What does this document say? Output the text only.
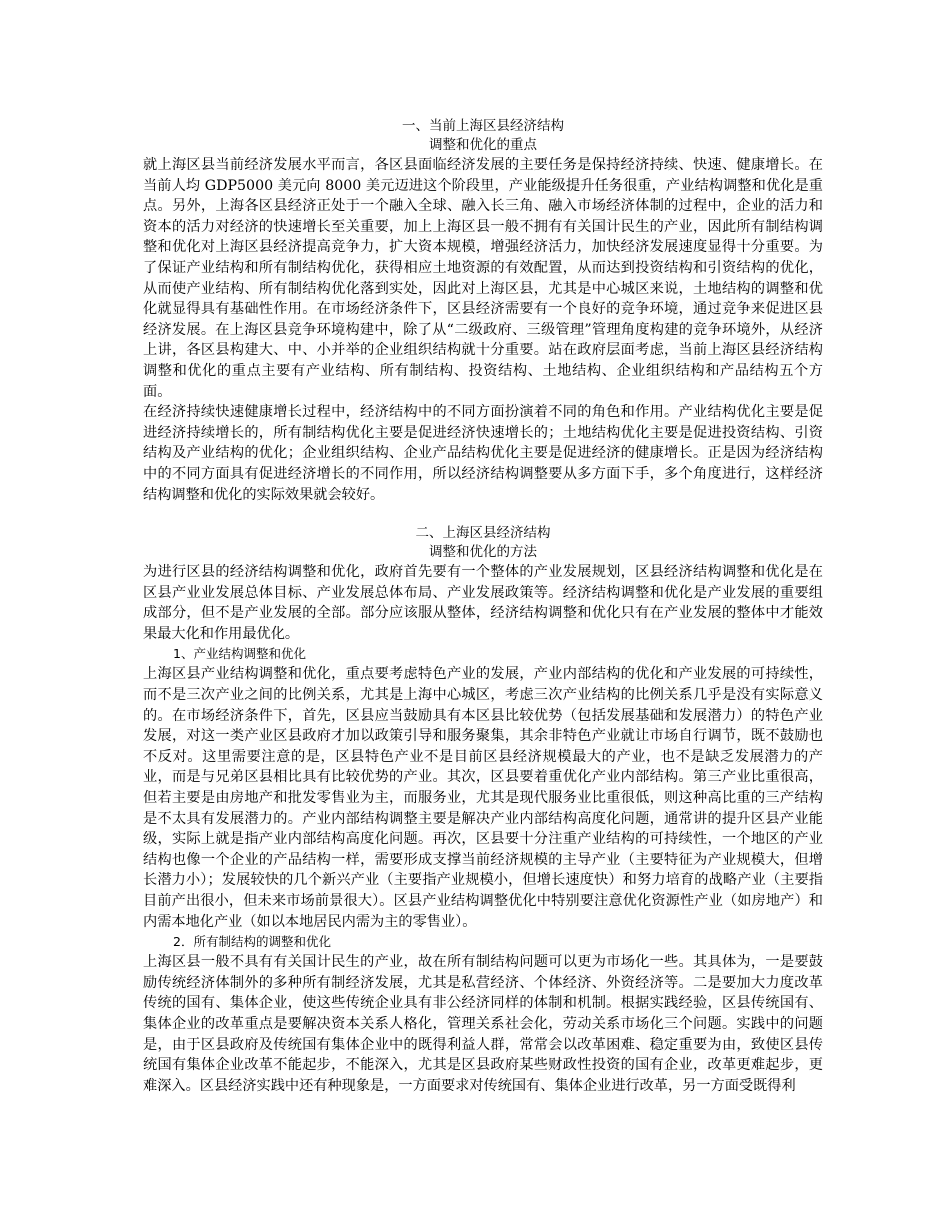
一、当前上海区县经济结构
调整和优化的重点

就上海区县当前经济发展水平而言，各区县面临经济发展的主要任务是保持经济持续、快速、健康增长。在当前人均 GDP5000 美元向 8000 美元迈进这个阶段里，产业能级提升任务很重，产业结构调整和优化是重点。另外，上海各区县经济正处于一个融入全球、融入长三角、融入市场经济体制的过程中，企业的活力和资本的活力对经济的快速增长至关重要，加上上海区县一般不拥有有关国计民生的产业，因此所有制结构调整和优化对上海区县经济提高竞争力，扩大资本规模，增强经济活力，加快经济发展速度显得十分重要。为了保证产业结构和所有制结构优化，获得相应土地资源的有效配置，从而达到投资结构和引资结构的优化，从而使产业结构、所有制结构优化落到实处，因此对上海区县，尤其是中心城区来说，土地结构的调整和优化就显得具有基础性作用。在市场经济条件下，区县经济需要有一个良好的竞争环境，通过竞争来促进区县经济发展。在上海区县竞争环境构建中，除了从“二级政府、三级管理”管理角度构建的竞争环境外，从经济上讲，各区县构建大、中、小并举的企业组织结构就十分重要。站在政府层面考虑，当前上海区县经济结构调整和优化的重点主要有产业结构、所有制结构、投资结构、土地结构、企业组织结构和产品结构五个方面。

在经济持续快速健康增长过程中，经济结构中的不同方面扮演着不同的角色和作用。产业结构优化主要是促进经济持续增长的，所有制结构优化主要是促进经济快速增长的；土地结构优化主要是促进投资结构、引资结构及产业结构的优化；企业组织结构、企业产品结构优化主要是促进经济的健康增长。正是因为经济结构中的不同方面具有促进经济增长的不同作用，所以经济结构调整要从多方面下手，多个角度进行，这样经济结构调整和优化的实际效果就会较好。

二、上海区县经济结构
调整和优化的方法

为进行区县的经济结构调整和优化，政府首先要有一个整体的产业发展规划，区县经济结构调整和优化是在区县产业业发展总体目标、产业发展总体布局、产业发展政策等。经济结构调整和优化是产业发展的重要组成部分，但不是产业发展的全部。部分应该服从整体，经济结构调整和优化只有在产业发展的整体中才能效果最大化和作用最优化。

1、产业结构调整和优化

上海区县产业结构调整和优化，重点要考虑特色产业的发展，产业内部结构的优化和产业发展的可持续性，而不是三次产业之间的比例关系，尤其是上海中心城区，考虑三次产业结构的比例关系几乎是没有实际意义的。在市场经济条件下，首先，区县应当鼓励具有本区县比较优势（包括发展基础和发展潜力）的特色产业发展，对这一类产业区县政府才加以政策引导和服务聚集，其余非特色产业就让市场自行调节，既不鼓励也不反对。这里需要注意的是，区县特色产业不是目前区县经济规模最大的产业，也不是缺乏发展潜力的产业，而是与兄弟区县相比具有比较优势的产业。其次，区县要着重优化产业内部结构。第三产业比重很高，但若主要是由房地产和批发零售业为主，而服务业，尤其是现代服务业比重很低，则这种高比重的三产结构是不太具有发展潜力的。产业内部结构调整主要是解决产业内部结构高度化问题，通常讲的提升区县产业能级，实际上就是指产业内部结构高度化问题。再次，区县要十分注重产业结构的可持续性，一个地区的产业结构也像一个企业的产品结构一样，需要形成支撑当前经济规模的主导产业（主要特征为产业规模大，但增长潜力小）；发展较快的几个新兴产业（主要指产业规模小，但增长速度快）和努力培育的战略产业（主要指目前产出很小，但未来市场前景很大）。区县产业结构调整优化中特别要注意优化资源性产业（如房地产）和内需本地化产业（如以本地居民内需为主的零售业）。

2．所有制结构的调整和优化

上海区县一般不具有有关国计民生的产业，故在所有制结构问题可以更为市场化一些。其具体为，一是要鼓励传统经济体制外的多种所有制经济发展，尤其是私营经济、个体经济、外资经济等。二是要加大力度改革传统的国有、集体企业，使这些传统企业具有非公经济同样的体制和机制。根据实践经验，区县传统国有、集体企业的改革重点是要解决资本关系人格化，管理关系社会化，劳动关系市场化三个问题。实践中的问题是，由于区县政府及传统国有集体企业中的既得利益人群，常常会以改革困难、稳定重要为由，致使区县传统国有集体企业改革不能起步，不能深入，尤其是区县政府某些财政性投资的国有企业，改革更难起步，更难深入。区县经济实践中还有种现象是，一方面要求对传统国有、集体企业进行改革，另一方面受既得利
